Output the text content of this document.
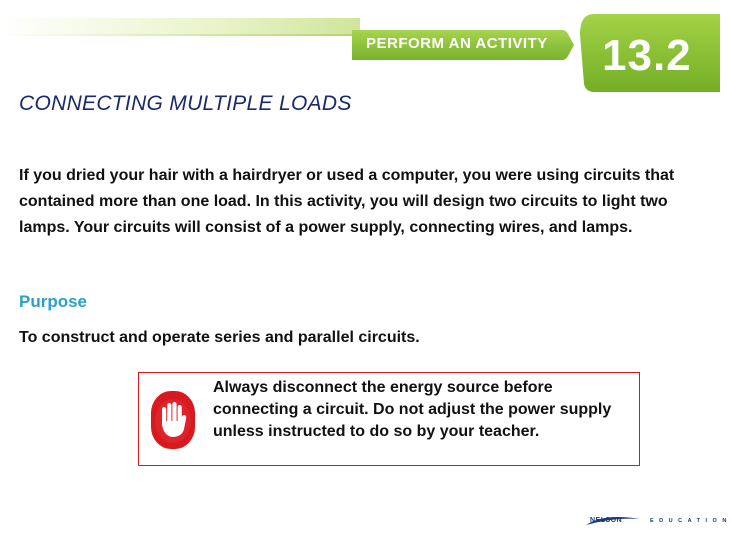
PERFORM AN ACTIVITY 13.2
CONNECTING MULTIPLE LOADS

If you dried your hair with a hairdryer or used a computer, you were using circuits that contained more than one load. In this activity, you will design two circuits to light two lamps. Your circuits will consist of a power supply, connecting wires, and lamps.

Purpose

To construct and operate series and parallel circuits.

Always disconnect the energy source before connecting a circuit. Do not adjust the power supply unless instructed to do so by your teacher.

NELSON	EDUCATION
